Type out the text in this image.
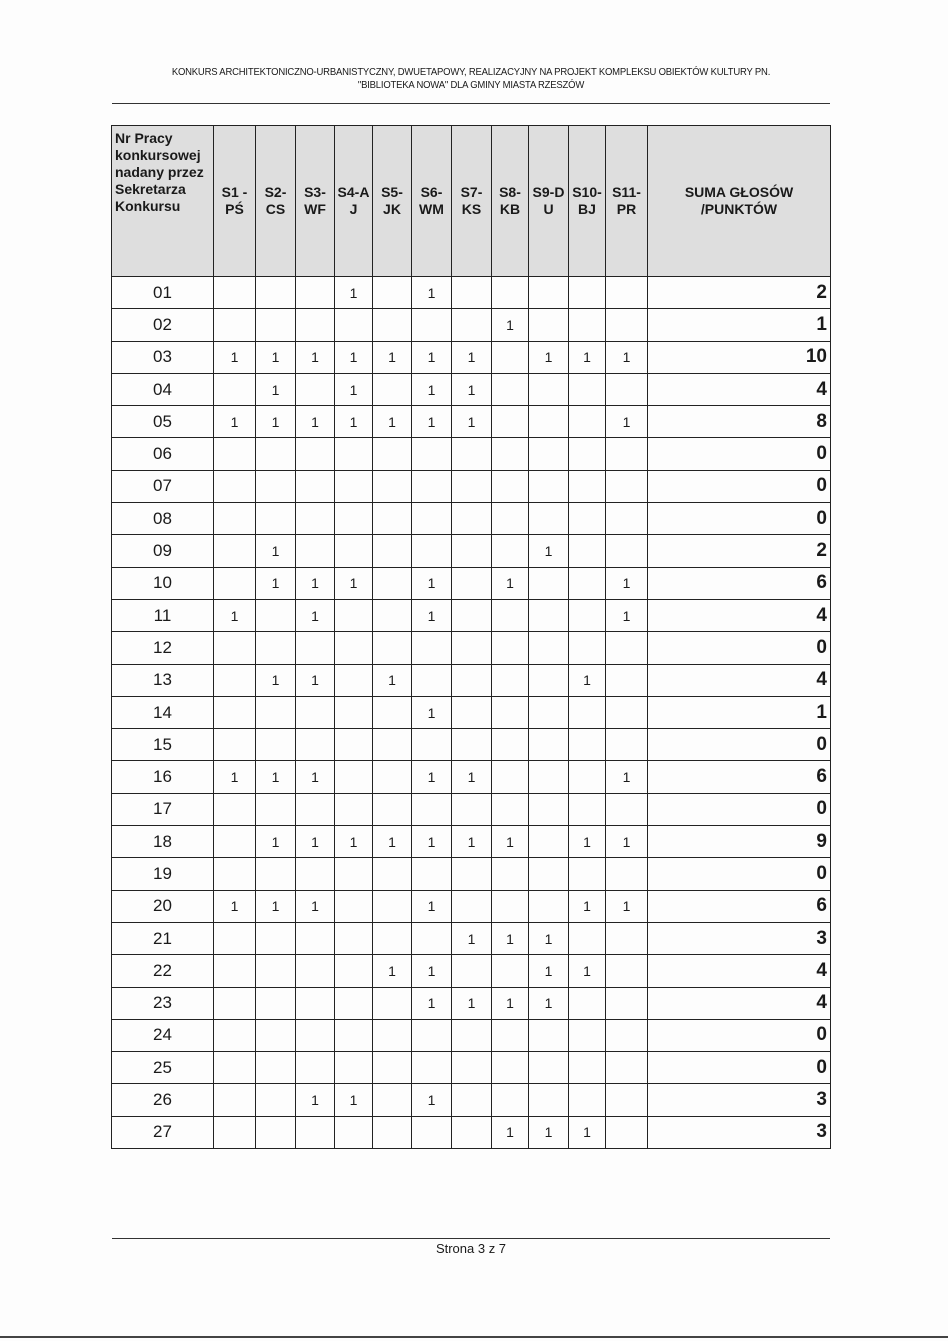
KONKURS ARCHITEKTONICZNO-URBANISTYCZNY, DWUETAPOWY, REALIZACYJNY NA PROJEKT KOMPLEKSU OBIEKTÓW KULTURY PN.
"BIBLIOTEKA NOWA" DLA GMINY MIASTA RZESZÓW
Nr Pracy konkursowej nadany przez Sekretarza Konkursu	S1 - PŚ	S2- CS	S3- WF	S4-A J	S5- JK	S6- WM	S7- KS	S8- KB	S9-D U	S10- BJ	S11- PR	SUMA GŁOSÓW /PUNKTÓW
01				1		1						2
02								1				1
03	1	1	1	1	1	1	1		1	1	1	10
04		1		1		1	1					4
05	1	1	1	1	1	1	1				1	8
06												0
07												0
08												0
09		1							1			2
10		1	1	1		1		1			1	6
11	1		1			1					1	4
12												0
13		1	1		1					1		4
14						1						1
15												0
16	1	1	1			1	1				1	6
17												0
18		1	1	1	1	1	1	1		1	1	9
19												0
20	1	1	1			1				1	1	6
21							1	1	1			3
22					1	1			1	1		4
23						1	1	1	1			4
24												0
25												0
26			1	1		1						3
27								1	1	1		3
Strona 3 z 7
